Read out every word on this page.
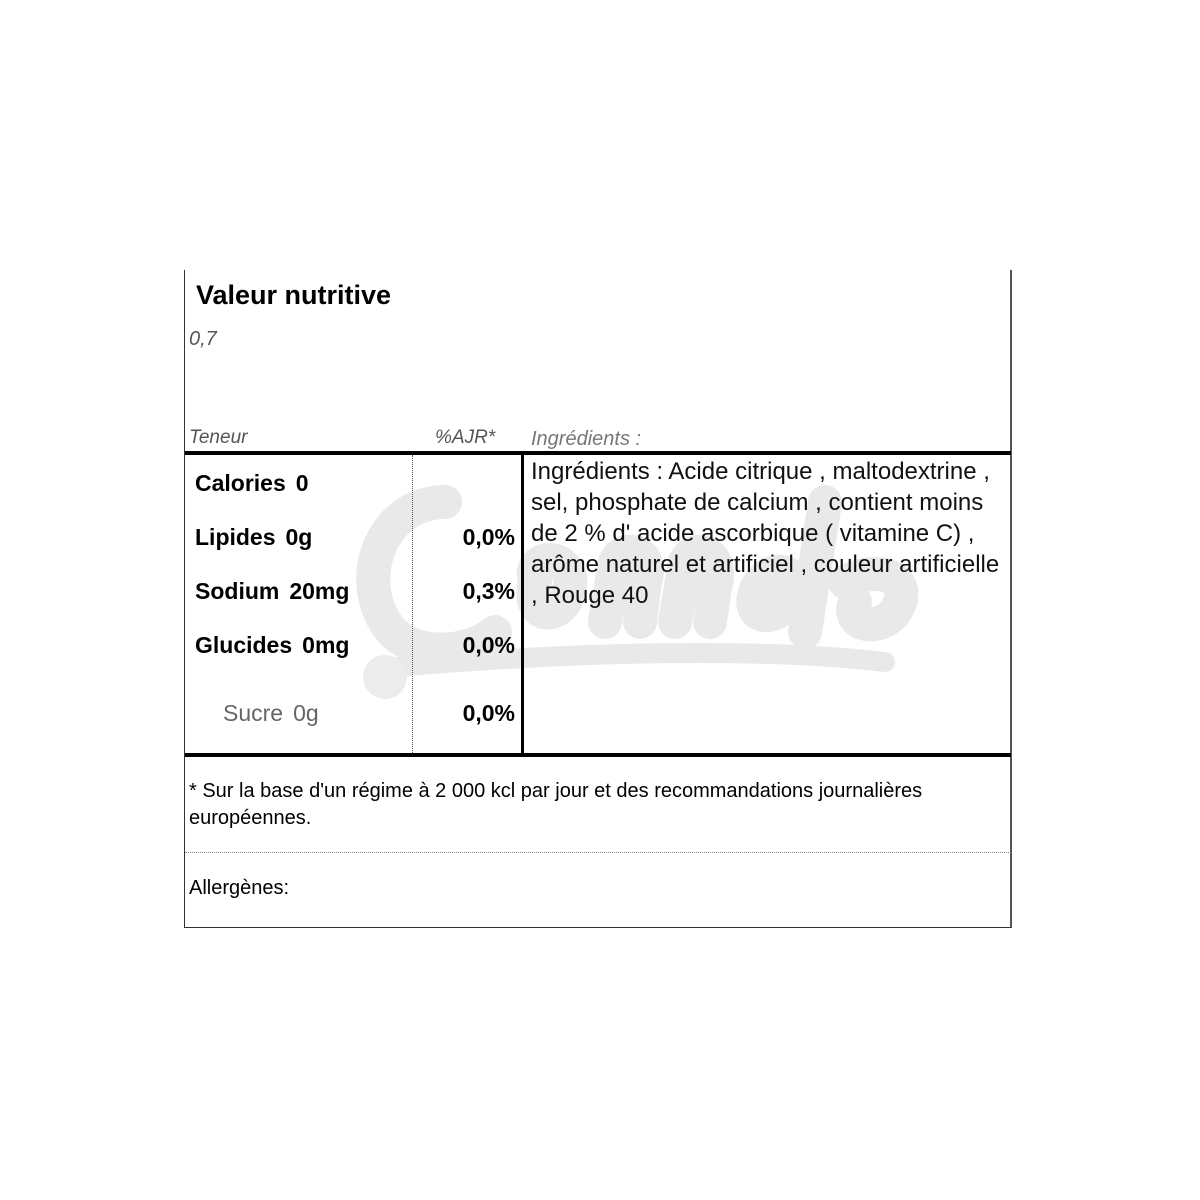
Valeur nutritive
0,7
Teneur	%AJR* Ingrédients :
Calories 0
Lipides 0g	0,0%
Sodium 20mg	0,3%
Glucides 0mg	0,0%
Sucre 0g	0,0%
Ingrédients : Acide citrique , maltodextrine , sel, phosphate de calcium , contient moins de 2 % d' acide ascorbique ( vitamine C) , arôme naturel et artificiel , couleur artificielle , Rouge 40
* Sur la base d'un régime à 2 000 kcl par jour et des recommandations journalières européennes.
Allergènes:
